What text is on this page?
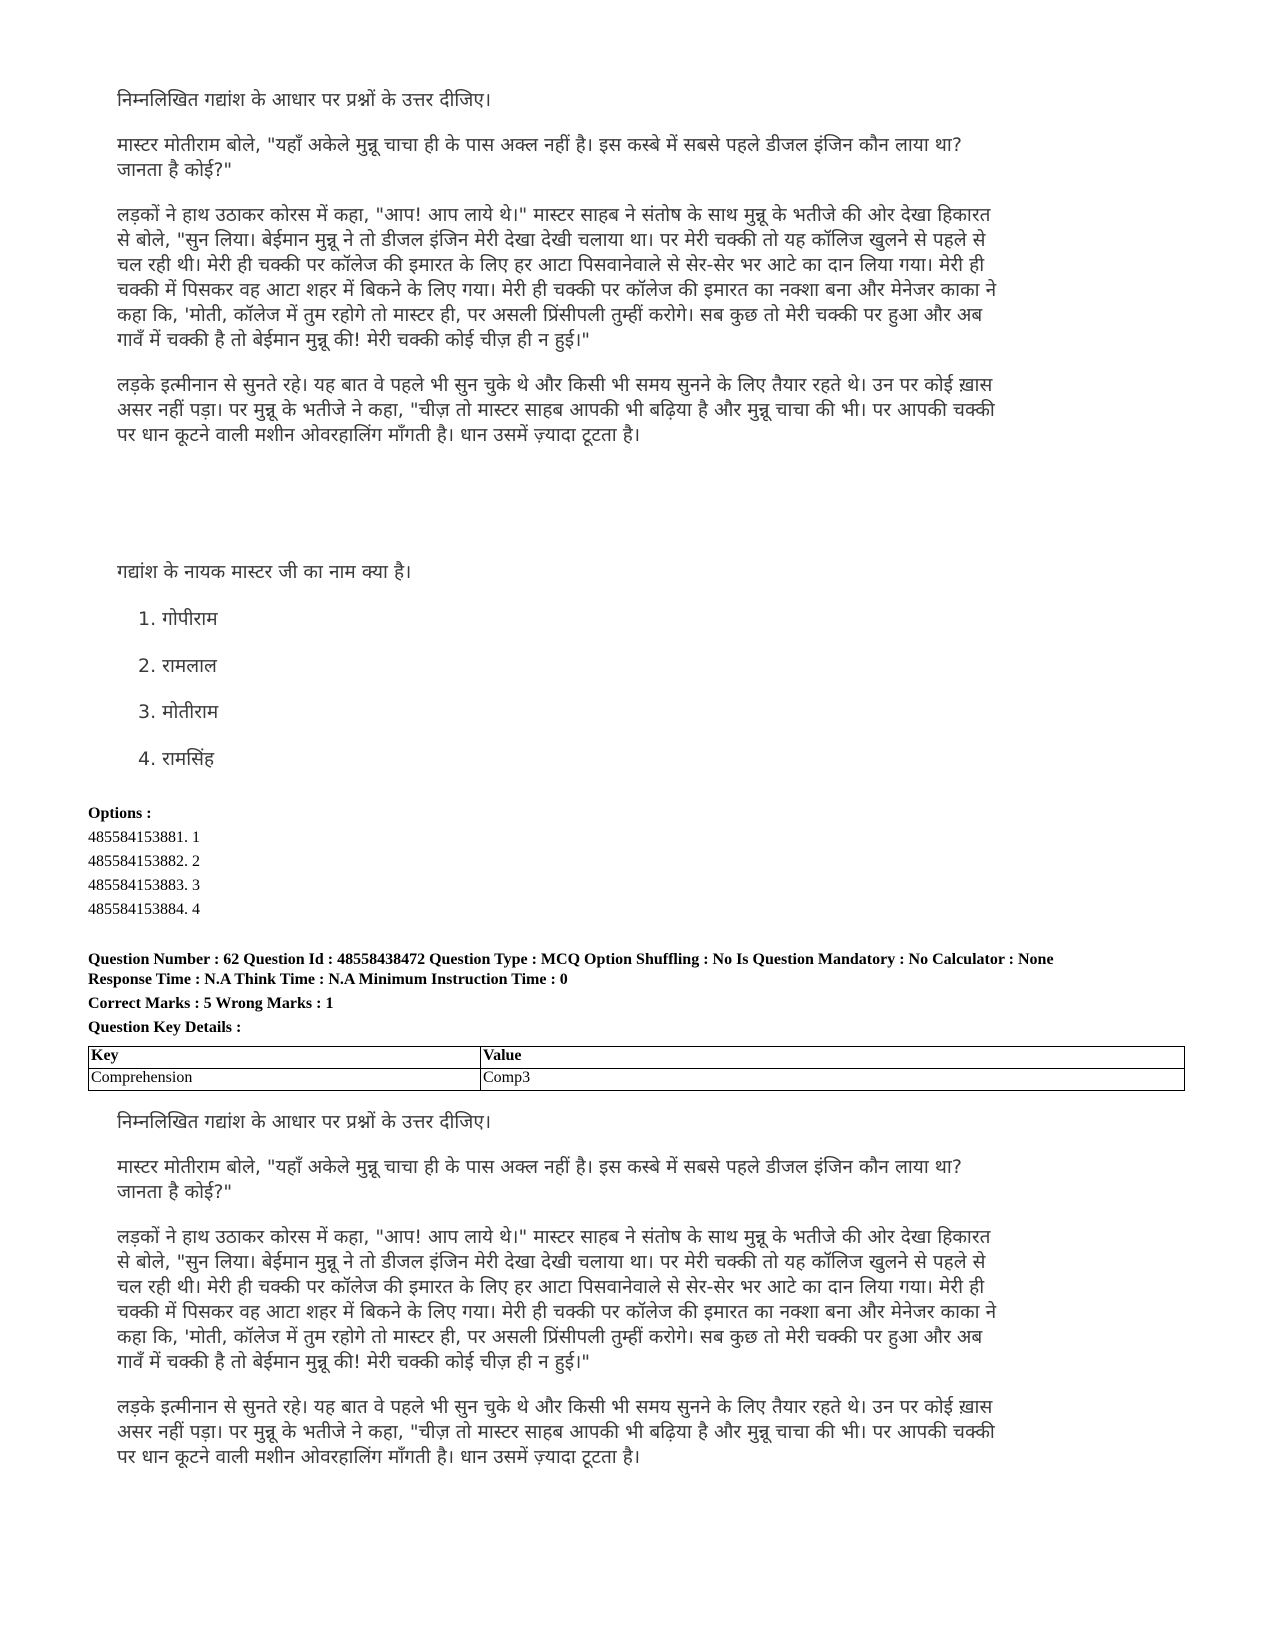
निम्नलिखित गद्यांश के आधार पर प्रश्नों के उत्तर दीजिए।

मास्टर मोतीराम बोले, "यहाँ अकेले मुन्नू चाचा ही के पास अक्ल नहीं है। इस कस्बे में सबसे पहले डीजल इंजिन कौन लाया था? जानता है कोई?"

लड़कों ने हाथ उठाकर कोरस में कहा, "आप! आप लाये थे।" मास्टर साहब ने संतोष के साथ मुन्नू के भतीजे की ओर देखा हिकारत से बोले, "सुन लिया। बेईमान मुन्नू ने तो डीजल इंजिन मेरी देखा देखी चलाया था। पर मेरी चक्की तो यह कॉलिज खुलने से पहले से चल रही थी। मेरी ही चक्की पर कॉलेज की इमारत के लिए हर आटा पिसवानेवाले से सेर-सेर भर आटे का दान लिया गया। मेरी ही चक्की में पिसकर वह आटा शहर में बिकने के लिए गया। मेरी ही चक्की पर कॉलेज की इमारत का नक्शा बना और मेनेजर काका ने कहा कि, 'मोती, कॉलेज में तुम रहोगे तो मास्टर ही, पर असली प्रिंसीपली तुम्हीं करोगे। सब कुछ तो मेरी चक्की पर हुआ और अब गावँ में चक्की है तो बेईमान मुन्नू की! मेरी चक्की कोई चीज़ ही न हुई।"

लड़के इत्मीनान से सुनते रहे। यह बात वे पहले भी सुन चुके थे और किसी भी समय सुनने के लिए तैयार रहते थे। उन पर कोई ख़ास असर नहीं पड़ा। पर मुन्नू के भतीजे ने कहा, "चीज़ तो मास्टर साहब आपकी भी बढ़िया है और मुन्नू चाचा की भी। पर आपकी चक्की पर धान कूटने वाली मशीन ओवरहालिंग माँगती है। धान उसमें ज़्यादा टूटता है।

गद्यांश के नायक मास्टर जी का नाम क्या है।
1. गोपीराम
2. रामलाल
3. मोतीराम
4. रामसिंह
Options :
485584153881. 1
485584153882. 2
485584153883. 3
485584153884. 4
Question Number : 62 Question Id : 48558438472 Question Type : MCQ Option Shuffling : No Is Question Mandatory : No Calculator : None
Response Time : N.A Think Time : N.A Minimum Instruction Time : 0
Correct Marks : 5 Wrong Marks : 1
Question Key Details :
Key	Value
Comprehension	Comp3

निम्नलिखित गद्यांश के आधार पर प्रश्नों के उत्तर दीजिए।

मास्टर मोतीराम बोले, "यहाँ अकेले मुन्नू चाचा ही के पास अक्ल नहीं है। इस कस्बे में सबसे पहले डीजल इंजिन कौन लाया था? जानता है कोई?"

लड़कों ने हाथ उठाकर कोरस में कहा, "आप! आप लाये थे।" मास्टर साहब ने संतोष के साथ मुन्नू के भतीजे की ओर देखा हिकारत से बोले, "सुन लिया। बेईमान मुन्नू ने तो डीजल इंजिन मेरी देखा देखी चलाया था। पर मेरी चक्की तो यह कॉलिज खुलने से पहले से चल रही थी। मेरी ही चक्की पर कॉलेज की इमारत के लिए हर आटा पिसवानेवाले से सेर-सेर भर आटे का दान लिया गया। मेरी ही चक्की में पिसकर वह आटा शहर में बिकने के लिए गया। मेरी ही चक्की पर कॉलेज की इमारत का नक्शा बना और मेनेजर काका ने कहा कि, 'मोती, कॉलेज में तुम रहोगे तो मास्टर ही, पर असली प्रिंसीपली तुम्हीं करोगे। सब कुछ तो मेरी चक्की पर हुआ और अब गावँ में चक्की है तो बेईमान मुन्नू की! मेरी चक्की कोई चीज़ ही न हुई।"

लड़के इत्मीनान से सुनते रहे। यह बात वे पहले भी सुन चुके थे और किसी भी समय सुनने के लिए तैयार रहते थे। उन पर कोई ख़ास असर नहीं पड़ा। पर मुन्नू के भतीजे ने कहा, "चीज़ तो मास्टर साहब आपकी भी बढ़िया है और मुन्नू चाचा की भी। पर आपकी चक्की पर धान कूटने वाली मशीन ओवरहालिंग माँगती है। धान उसमें ज़्यादा टूटता है।
